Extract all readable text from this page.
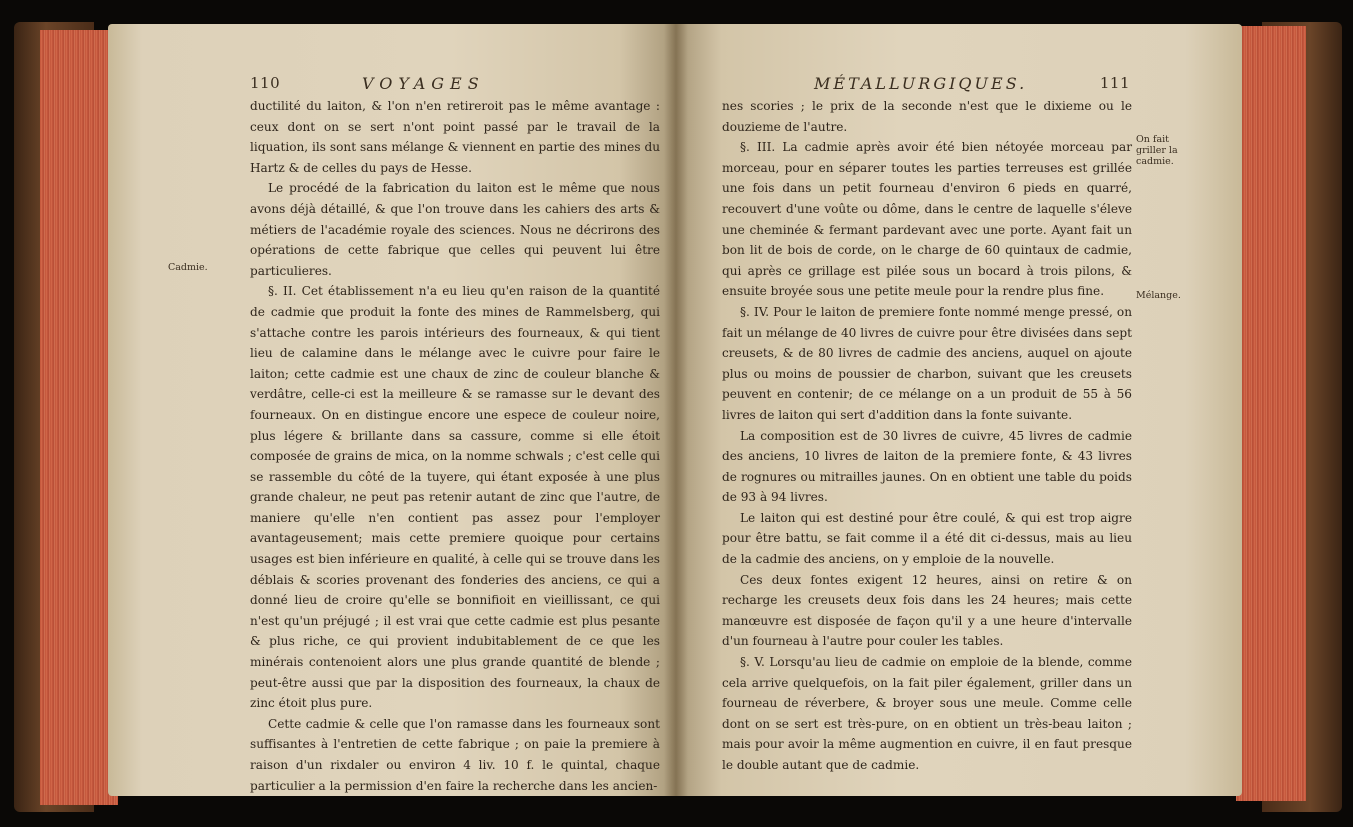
110	VOYAGES	MÉTALLURGIQUES.	111
Cadmie.
On fait griller la cadmie.
Mélange.

ductilité du laiton, & l'on n'en retireroit pas le même avantage : ceux dont on se sert n'ont point passé par le travail de la liquation, ils sont sans mélange & viennent en partie des mines du Hartz & de celles du pays de Hesse.

Le procédé de la fabrication du laiton est le même que nous avons déjà détaillé, & que l'on trouve dans les cahiers des arts & métiers de l'académie royale des sciences. Nous ne décrirons des opérations de cette fabrique que celles qui peuvent lui être particulieres.

§. II. Cet établissement n'a eu lieu qu'en raison de la quantité de cadmie que produit la fonte des mines de Rammelsberg, qui s'attache contre les parois intérieurs des fourneaux, & qui tient lieu de calamine dans le mélange avec le cuivre pour faire le laiton; cette cadmie est une chaux de zinc de couleur blanche & verdâtre, celle-ci est la meilleure & se ramasse sur le devant des fourneaux. On en distingue encore une espece de couleur noire, plus légere & brillante dans sa cassure, comme si elle étoit composée de grains de mica, on la nomme schwals ; c'est celle qui se rassemble du côté de la tuyere, qui étant exposée à une plus grande chaleur, ne peut pas retenir autant de zinc que l'autre, de maniere qu'elle n'en contient pas assez pour l'employer avantageusement; mais cette premiere quoique pour certains usages est bien inférieure en qualité, à celle qui se trouve dans les déblais & scories provenant des fonderies des anciens, ce qui a donné lieu de croire qu'elle se bonnifioit en vieillissant, ce qui n'est qu'un préjugé ; il est vrai que cette cadmie est plus pesante & plus riche, ce qui provient indubitablement de ce que les minérais contenoient alors une plus grande quantité de blende ; peut-être aussi que par la disposition des fourneaux, la chaux de zinc étoit plus pure.

Cette cadmie & celle que l'on ramasse dans les fourneaux sont suffisantes à l'entretien de cette fabrique ; on paie la premiere à raison d'un rixdaler ou environ 4 liv. 10 f. le quintal, chaque particulier a la permission d'en faire la recherche dans les ancien-

nes scories ; le prix de la seconde n'est que le dixieme ou le douzieme de l'autre.

§. III. La cadmie après avoir été bien nétoyée morceau par morceau, pour en séparer toutes les parties terreuses est grillée une fois dans un petit fourneau d'environ 6 pieds en quarré, recouvert d'une voûte ou dôme, dans le centre de laquelle s'éleve une cheminée & fermant pardevant avec une porte. Ayant fait un bon lit de bois de corde, on le charge de 60 quintaux de cadmie, qui après ce grillage est pilée sous un bocard à trois pilons, & ensuite broyée sous une petite meule pour la rendre plus fine.

§. IV. Pour le laiton de premiere fonte nommé menge pressé, on fait un mélange de 40 livres de cuivre pour être divisées dans sept creusets, & de 80 livres de cadmie des anciens, auquel on ajoute plus ou moins de poussier de charbon, suivant que les creusets peuvent en contenir; de ce mélange on a un produit de 55 à 56 livres de laiton qui sert d'addition dans la fonte suivante.

La composition est de 30 livres de cuivre, 45 livres de cadmie des anciens, 10 livres de laiton de la premiere fonte, & 43 livres de rognures ou mitrailles jaunes. On en obtient une table du poids de 93 à 94 livres.

Le laiton qui est destiné pour être coulé, & qui est trop aigre pour être battu, se fait comme il a été dit ci-dessus, mais au lieu de la cadmie des anciens, on y emploie de la nouvelle.

Ces deux fontes exigent 12 heures, ainsi on retire & on recharge les creusets deux fois dans les 24 heures; mais cette manœuvre est disposée de façon qu'il y a une heure d'intervalle d'un fourneau à l'autre pour couler les tables.

§. V. Lorsqu'au lieu de cadmie on emploie de la blende, comme cela arrive quelquefois, on la fait piler également, griller dans un fourneau de réverbere, & broyer sous une meule. Comme celle dont on se sert est très-pure, on en obtient un très-beau laiton ; mais pour avoir la même augmention en cuivre, il en faut presque le double autant que de cadmie.
